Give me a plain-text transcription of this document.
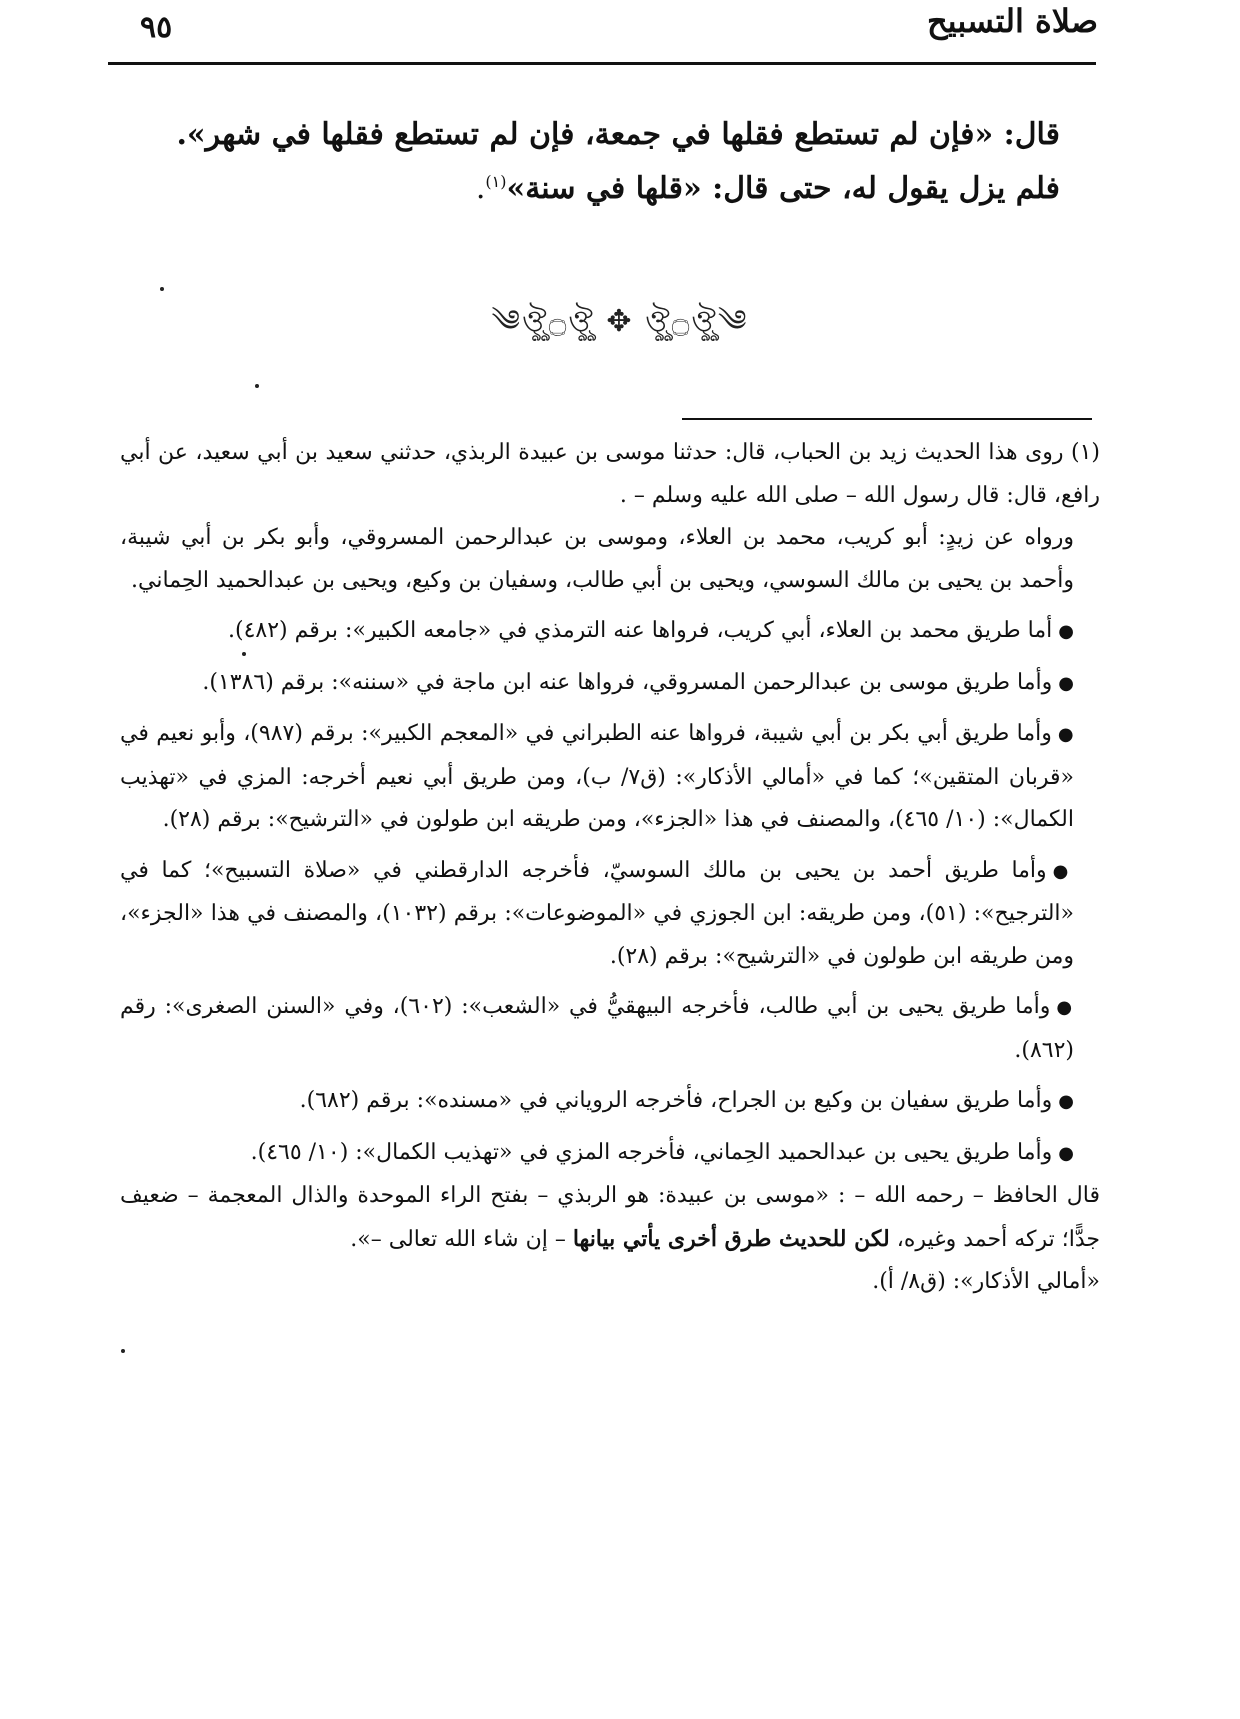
صلاة التسبيح
٩٥

قال: «فإن لم تستطع فقلها في جمعة، فإن لم تستطع فقلها في شهر».

فلم يزل يقول له، حتى قال: «قلها في سنة»$^{(١)}$.

༄ঔৣ۝ঔৣ ✥ ঔৣ۝ঔৣ༄

(١) روى هذا الحديث زيد بن الحباب، قال: حدثنا موسى بن عبيدة الربذي، حدثني سعيد بن أبي سعيد، عن أبي رافع، قال: قال رسول الله – صلى الله عليه وسلم – .

ورواه عن زيدٍ: أبو كريب، محمد بن العلاء، وموسى بن عبدالرحمن المسروقي، وأبو بكر بن أبي شيبة، وأحمد بن يحيى بن مالك السوسي، ويحيى بن أبي طالب، وسفيان بن وكيع، ويحيى بن عبدالحميد الحِماني.

●أما طريق محمد بن العلاء، أبي كريب، فرواها عنه الترمذي في «جامعه الكبير»: برقم (٤٨٢).

●وأما طريق موسى بن عبدالرحمن المسروقي، فرواها عنه ابن ماجة في «سننه»: برقم (١٣٨٦).

●وأما طريق أبي بكر بن أبي شيبة، فرواها عنه الطبراني في «المعجم الكبير»: برقم (٩٨٧)، وأبو نعيم في «قربان المتقين»؛ كما في «أمالي الأذكار»: (ق٧/ ب)، ومن طريق أبي نعيم أخرجه: المزي في «تهذيب الكمال»: (١٠/ ٤٦٥)، والمصنف في هذا «الجزء»، ومن طريقه ابن طولون في «الترشيح»: برقم (٢٨).

●وأما طريق أحمد بن يحيى بن مالك السوسيّ، فأخرجه الدارقطني في «صلاة التسبيح»؛ كما في «الترجيح»: (٥١)، ومن طريقه: ابن الجوزي في «الموضوعات»: برقم (١٠٣٢)، والمصنف في هذا «الجزء»، ومن طريقه ابن طولون في «الترشيح»: برقم (٢٨).

●وأما طريق يحيى بن أبي طالب، فأخرجه البيهقيُّ في «الشعب»: (٦٠٢)، وفي «السنن الصغرى»: رقم (٨٦٢).

●وأما طريق سفيان بن وكيع بن الجراح، فأخرجه الروياني في «مسنده»: برقم (٦٨٢).

●وأما طريق يحيى بن عبدالحميد الحِماني، فأخرجه المزي في «تهذيب الكمال»: (١٠/ ٤٦٥).

قال الحافظ – رحمه الله – : «موسى بن عبيدة: هو الربذي – بفتح الراء الموحدة والذال المعجمة – ضعيف جدًّا؛ تركه أحمد وغيره، لكن للحديث طرق أخرى يأتي بيانها – إن شاء الله تعالى –».

«أمالي الأذكار»: (ق٨/ أ).
